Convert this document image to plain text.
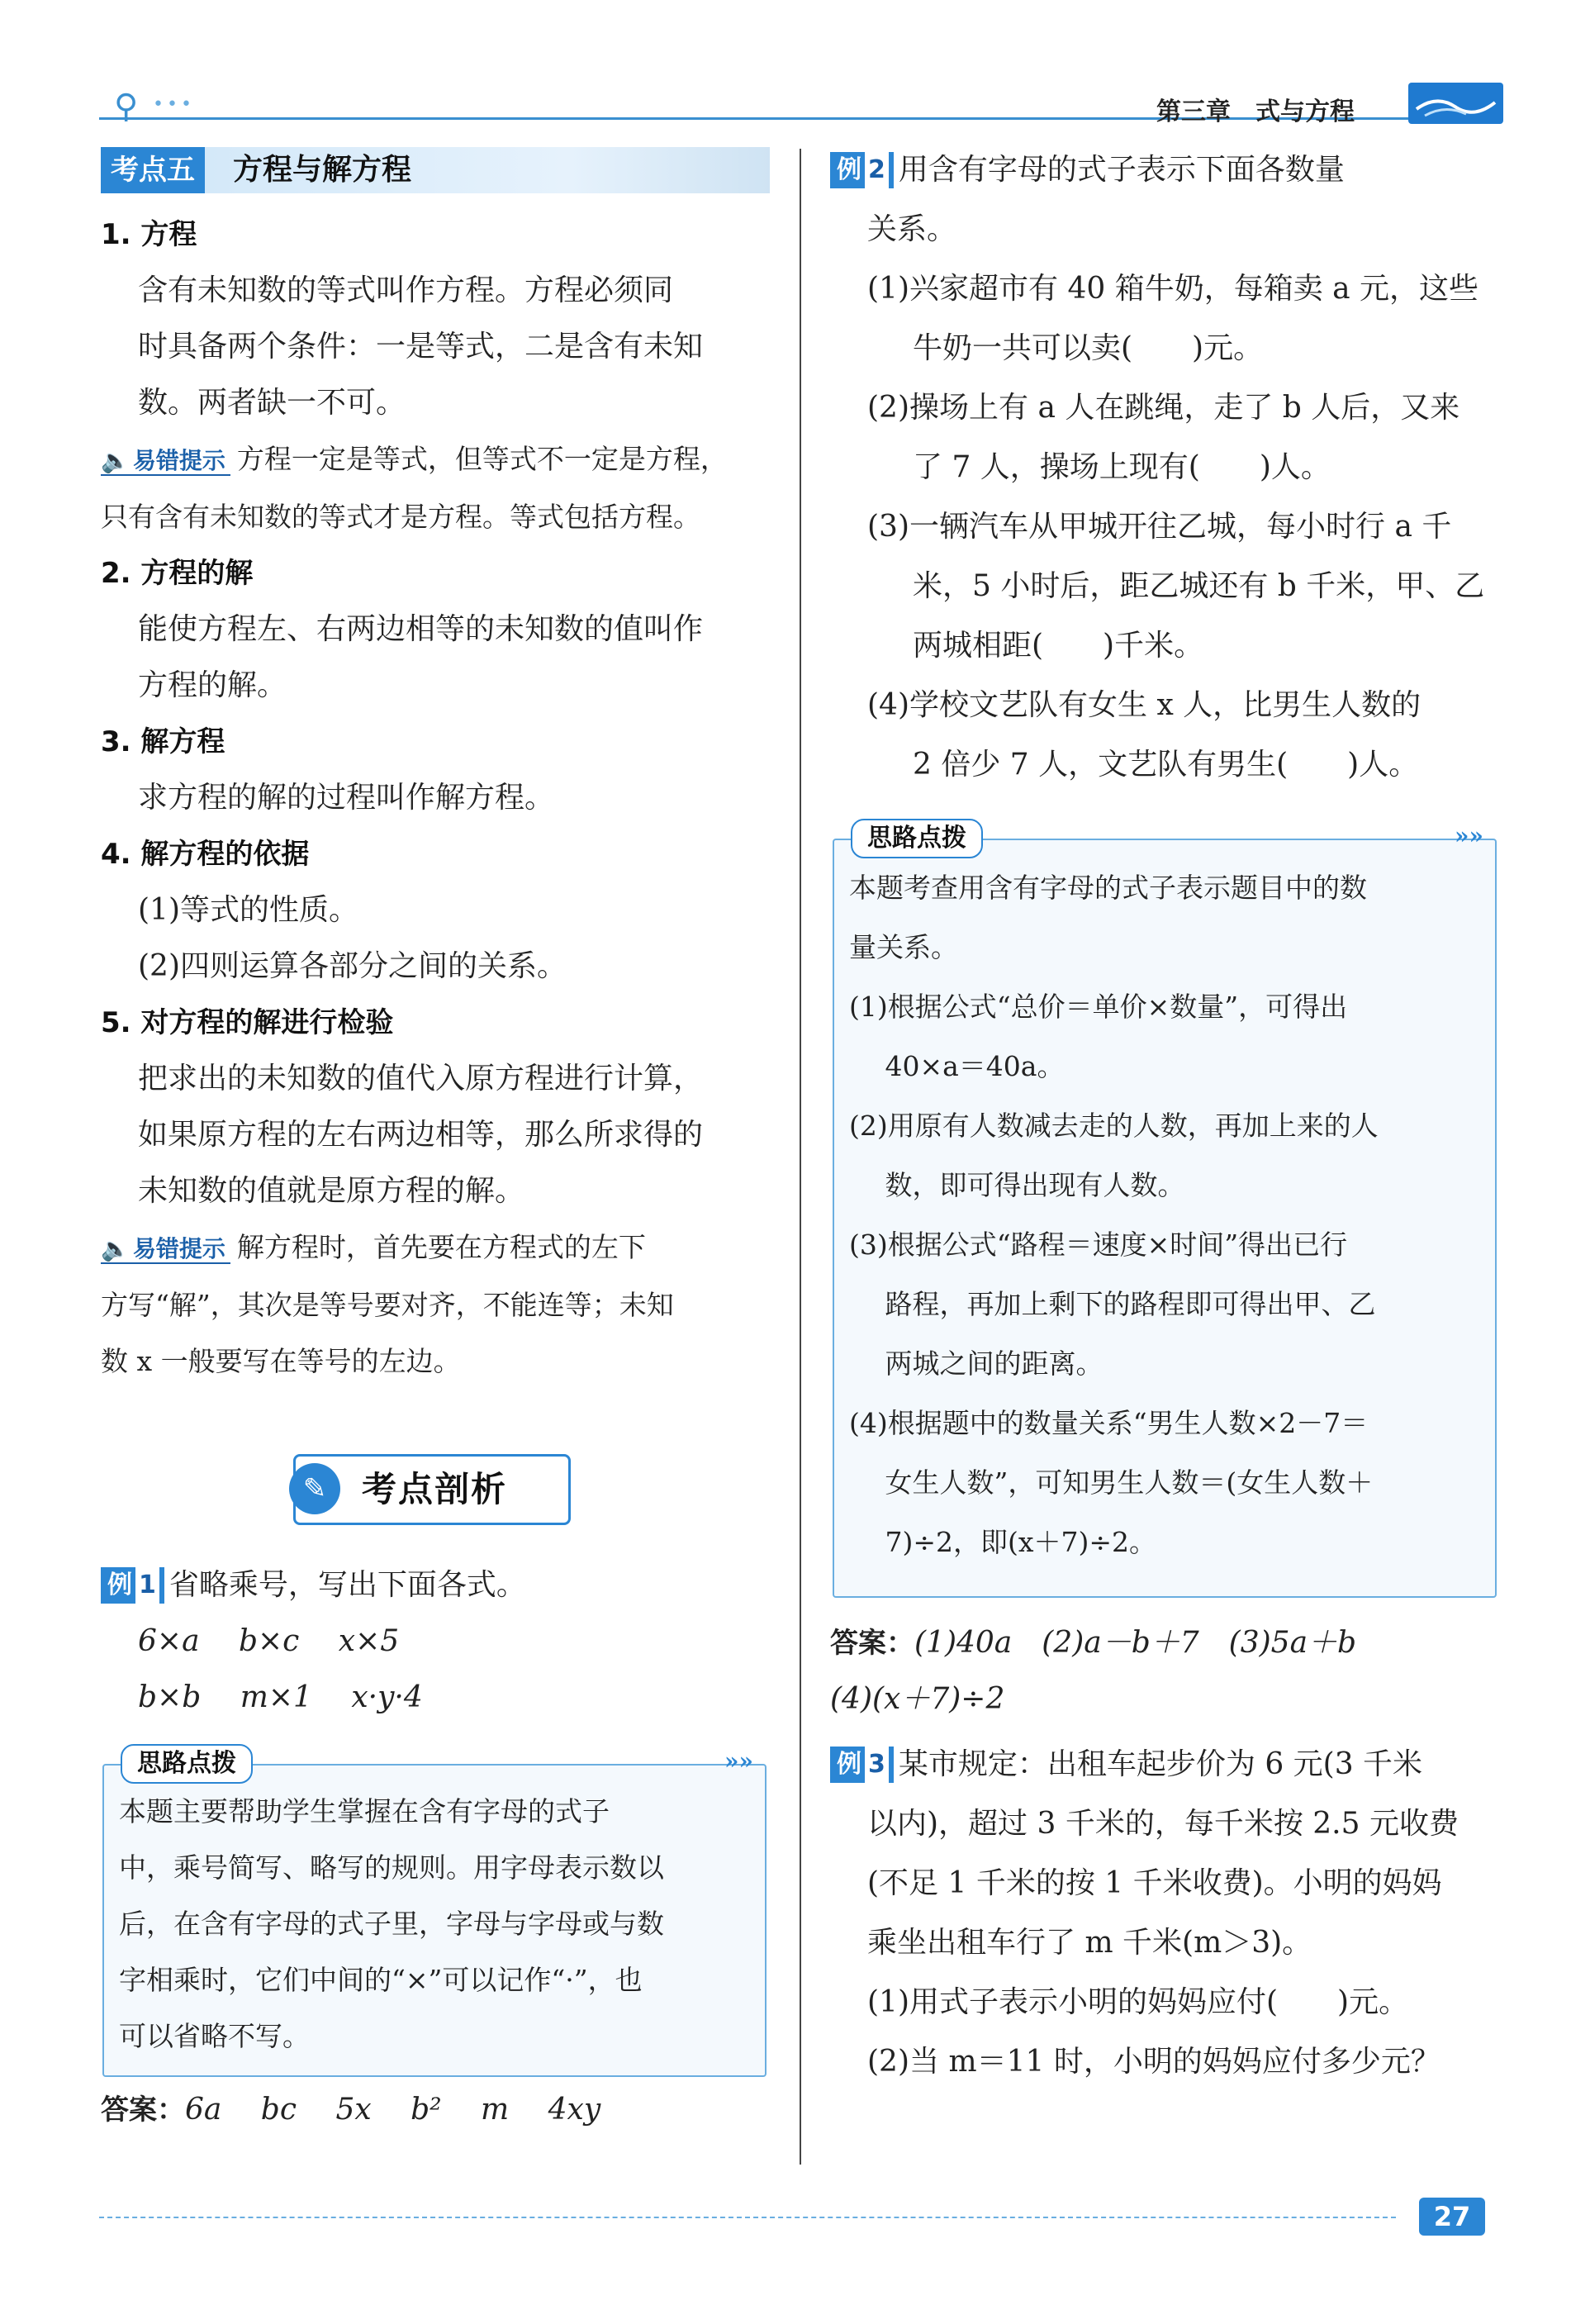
⚲ •••	第三章　式与方程
考点五	方程与解方程
1. 方程
含有未知数的等式叫作方程。方程必须同
时具备两个条件：一是等式，二是含有未知
数。两者缺一不可。
🔈 易错提示 方程一定是等式，但等式不一定是方程，
只有含有未知数的等式才是方程。等式包括方程。
2. 方程的解
能使方程左、右两边相等的未知数的值叫作
方程的解。
3. 解方程
求方程的解的过程叫作解方程。
4. 解方程的依据
(1)等式的性质。
(2)四则运算各部分之间的关系。
5. 对方程的解进行检验
把求出的未知数的值代入原方程进行计算，
如果原方程的左右两边相等，那么所求得的
未知数的值就是原方程的解。
🔈 易错提示 解方程时，首先要在方程式的左下
方写“解”，其次是等号要对齐，不能连等；未知
数 x 一般要写在等号的左边。
✎	考点剖析
例 1 省略乘号，写出下面各式。
6×a　 b×c　 x×5
b×b　 m×1　 x·y·4
思路点拨	»»
本题主要帮助学生掌握在含有字母的式子
中，乘号简写、略写的规则。用字母表示数以
后，在含有字母的式子里，字母与字母或与数
字相乘时，它们中间的“×”可以记作“·”，也
可以省略不写。
答案：6a　 bc　 5x　 b²　 m　 4xy
例 2 用含有字母的式子表示下面各数量
关系。
(1)兴家超市有 40 箱牛奶，每箱卖 a 元，这些
牛奶一共可以卖(　　)元。
(2)操场上有 a 人在跳绳，走了 b 人后，又来
了 7 人，操场上现有(　　)人。
(3)一辆汽车从甲城开往乙城，每小时行 a 千
米，5 小时后，距乙城还有 b 千米，甲、乙
两城相距(　　)千米。
(4)学校文艺队有女生 x 人，比男生人数的
2 倍少 7 人，文艺队有男生(　　)人。
思路点拨	»»
本题考查用含有字母的式子表示题目中的数
量关系。
(1)根据公式“总价＝单价×数量”，可得出
　 40×a＝40a。
(2)用原有人数减去走的人数，再加上来的人
　 数，即可得出现有人数。
(3)根据公式“路程＝速度×时间”得出已行
　 路程，再加上剩下的路程即可得出甲、乙
　 两城之间的距离。
(4)根据题中的数量关系“男生人数×2－7＝
　 女生人数”，可知男生人数＝(女生人数＋
　 7)÷2，即(x＋7)÷2。
答案：(1)40a　(2)a－b＋7　(3)5a＋b
(4)(x＋7)÷2
例 3 某市规定：出租车起步价为 6 元(3 千米
以内)，超过 3 千米的，每千米按 2.5 元收费
(不足 1 千米的按 1 千米收费)。小明的妈妈
乘坐出租车行了 m 千米(m＞3)。
(1)用式子表示小明的妈妈应付(　　)元。
(2)当 m＝11 时，小明的妈妈应付多少元？
27
